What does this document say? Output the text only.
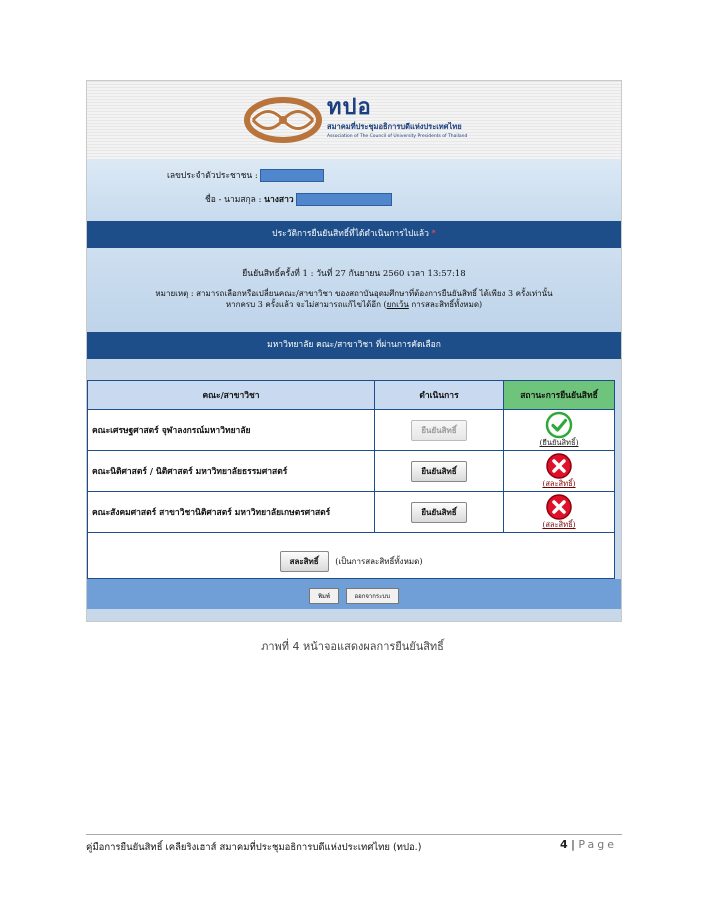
ทปอ
สมาคมที่ประชุมอธิการบดีแห่งประเทศไทย
Association of The Council of University Presidents of Thailand
เลขประจำตัวประชาชน :
ชื่อ - นามสกุล : นางสาว
ประวัติการยืนยันสิทธิ์ที่ได้ดำเนินการไปแล้ว *
ยืนยันสิทธิ์ครั้งที่ 1 : วันที่ 27 กันยายน 2560 เวลา 13:57:18
หมายเหตุ : สามารถเลือกหรือเปลี่ยนคณะ/สาขาวิชา ของสถาบันอุดมศึกษาที่ต้องการยืนยันสิทธิ์ ได้เพียง 3 ครั้งเท่านั้น
หากครบ 3 ครั้งแล้ว จะไม่สามารถแก้ไขได้อีก (ยกเว้น การสละสิทธิ์ทั้งหมด)
มหาวิทยาลัย คณะ/สาขาวิชา ที่ผ่านการคัดเลือก
คณะ/สาขาวิชา	ดำเนินการ	สถานะการยืนยันสิทธิ์
คณะเศรษฐศาสตร์ จุฬาลงกรณ์มหาวิทยาลัย	ยืนยันสิทธิ์	(ยืนยันสิทธิ์)

คณะนิติศาสตร์ / นิติศาสตร์ มหาวิทยาลัยธรรมศาสตร์	ยืนยันสิทธิ์	(สละสิทธิ์)

คณะสังคมศาสตร์ สาขาวิชานิติศาสตร์ มหาวิทยาลัยเกษตรศาสตร์	ยืนยันสิทธิ์	(สละสิทธิ์)
สละสิทธิ์ (เป็นการสละสิทธิ์ทั้งหมด)
พิมพ์	ออกจากระบบ
ภาพที่ 4 หน้าจอแสดงผลการยืนยันสิทธิ์
คู่มือการยืนยันสิทธิ์ เคลียริงเฮาส์ สมาคมที่ประชุมอธิการบดีแห่งประเทศไทย (ทปอ.)	4 | Page
